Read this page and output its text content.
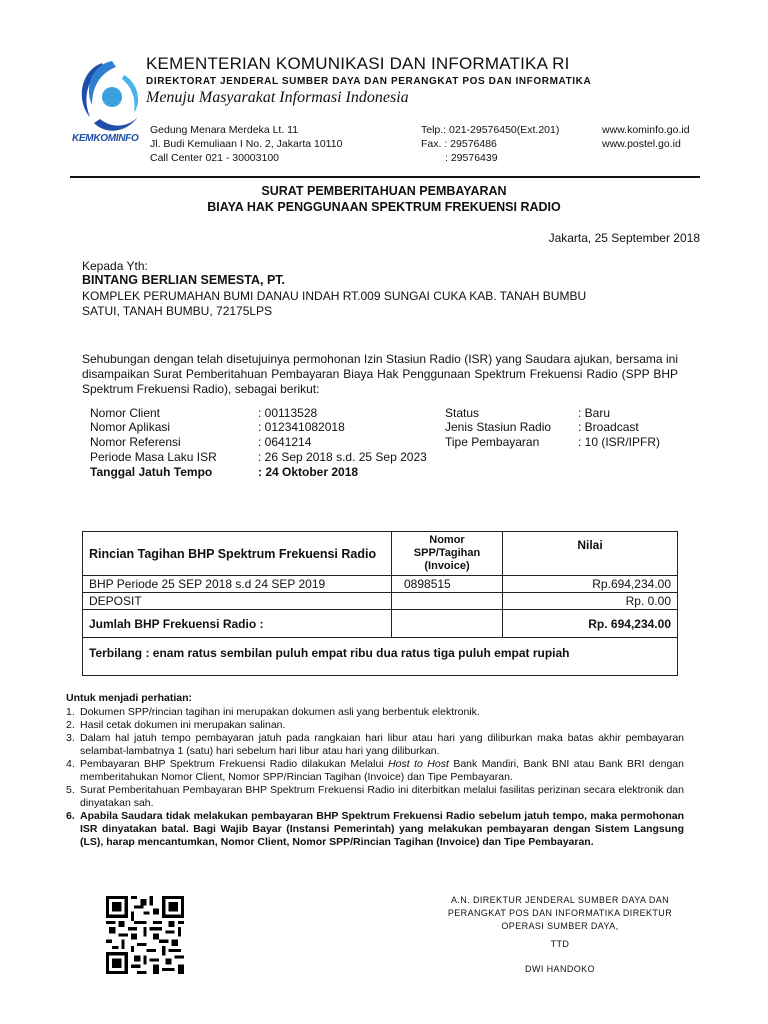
KEMKOMINFO
KEMENTERIAN KOMUNIKASI DAN INFORMATIKA RI
DIREKTORAT JENDERAL SUMBER DAYA DAN PERANGKAT POS DAN INFORMATIKA
Menuju Masyarakat Informasi Indonesia
Gedung Menara Merdeka Lt. 11
Jl. Budi Kemuliaan I No. 2, Jakarta 10110
Call Center 021 - 30003100
Telp.: 021-29576450(Ext.201)
Fax. : 29576486
: 29576439
www.kominfo.go.id
www.postel.go.id
SURAT PEMBERITAHUAN PEMBAYARAN
BIAYA HAK PENGGUNAAN SPEKTRUM FREKUENSI RADIO
Jakarta, 25 September 2018
Kepada Yth:
BINTANG BERLIAN SEMESTA, PT.
KOMPLEK PERUMAHAN BUMI DANAU INDAH RT.009 SUNGAI CUKA KAB. TANAH BUMBU
SATUI, TANAH BUMBU, 72175LPS
Sehubungan dengan telah disetujuinya permohonan Izin Stasiun Radio (ISR) yang Saudara ajukan, bersama ini disampaikan Surat Pemberitahuan Pembayaran Biaya Hak Penggunaan Spektrum Frekuensi Radio (SPP BHP Spektrum Frekuensi Radio), sebagai berikut:
Nomor Client	: 00113528
Nomor Aplikasi	: 012341082018
Nomor Referensi	: 0641214
Periode Masa Laku ISR	: 26 Sep 2018 s.d. 25 Sep 2023
Tanggal Jatuh Tempo	: 24 Oktober 2018
Status	: Baru
Jenis Stasiun Radio : Broadcast
Tipe Pembayaran	: 10 (ISR/IPFR)
Rincian Tagihan BHP Spektrum Frekuensi Radio	Nomor SPP/Tagihan (Invoice)	Nilai
BHP Periode 25 SEP 2018 s.d 24 SEP 2019	0898515	Rp.694,234.00
DEPOSIT		Rp. 0.00
Jumlah BHP Frekuensi Radio :		Rp. 694,234.00
Terbilang : enam ratus sembilan puluh empat ribu dua ratus tiga puluh empat rupiah		
Untuk menjadi perhatian:
1. Dokumen SPP/rincian tagihan ini merupakan dokumen asli yang berbentuk elektronik.
2. Hasil cetak dokumen ini merupakan salinan.
3. Dalam hal jatuh tempo pembayaran jatuh pada rangkaian hari libur atau hari yang diliburkan maka batas akhir pembayaran selambat-lambatnya 1 (satu) hari sebelum hari libur atau hari yang diliburkan.
4. Pembayaran BHP Spektrum Frekuensi Radio dilakukan Melalui Host to Host Bank Mandiri, Bank BNI atau Bank BRI dengan memberitahukan Nomor Client, Nomor SPP/Rincian Tagihan (Invoice) dan Tipe Pembayaran.
5. Surat Pemberitahuan Pembayaran BHP Spektrum Frekuensi Radio ini diterbitkan melalui fasilitas perizinan secara elektronik dan dinyatakan sah.
6. Apabila Saudara tidak melakukan pembayaran BHP Spektrum Frekuensi Radio sebelum jatuh tempo, maka permohonan ISR dinyatakan batal. Bagi Wajib Bayar (Instansi Pemerintah) yang melakukan pembayaran dengan Sistem Langsung (LS), harap mencantumkan, Nomor Client, Nomor SPP/Rincian Tagihan (Invoice) dan Tipe Pembayaran.
A.N. DIREKTUR JENDERAL SUMBER DAYA DAN
PERANGKAT POS DAN INFORMATIKA DIREKTUR
OPERASI SUMBER DAYA,
TTD
DWI HANDOKO
